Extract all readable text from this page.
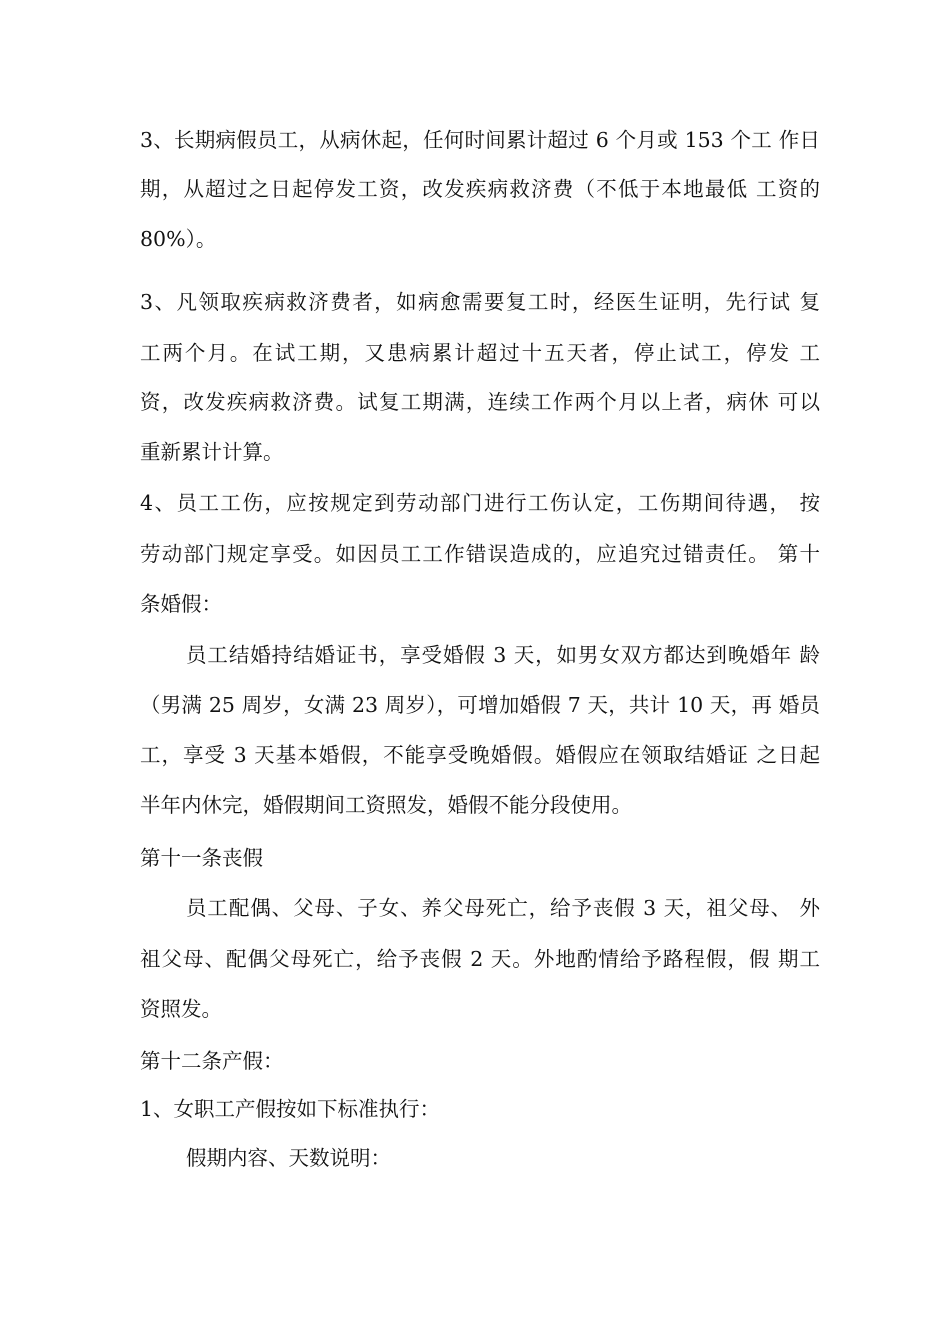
3、长期病假员工，从病休起，任何时间累计超过 6 个月或 153 个工 作日
期，从超过之日起停发工资，改发疾病救济费（不低于本地最低 工资的
80%）。
3、凡领取疾病救济费者，如病愈需要复工时，经医生证明，先行试 复
工两个月。在试工期，又患病累计超过十五天者，停止试工，停发 工
资，改发疾病救济费。试复工期满，连续工作两个月以上者，病休 可以
重新累计计算。
4、员工工伤，应按规定到劳动部门进行工伤认定，工伤期间待遇， 按
劳动部门规定享受。如因员工工作错误造成的，应追究过错责任。 第十
条婚假：
员工结婚持结婚证书，享受婚假 3 天，如男女双方都达到晚婚年 龄
（男满 25 周岁，女满 23 周岁），可增加婚假 7 天，共计 10 天，再 婚员
工，享受 3 天基本婚假，不能享受晚婚假。婚假应在领取结婚证 之日起
半年内休完，婚假期间工资照发，婚假不能分段使用。
第十一条丧假
员工配偶、父母、子女、养父母死亡，给予丧假 3 天，祖父母、 外
祖父母、配偶父母死亡，给予丧假 2 天。外地酌情给予路程假，假 期工
资照发。
第十二条产假：
1、女职工产假按如下标准执行：
假期内容、天数说明：
